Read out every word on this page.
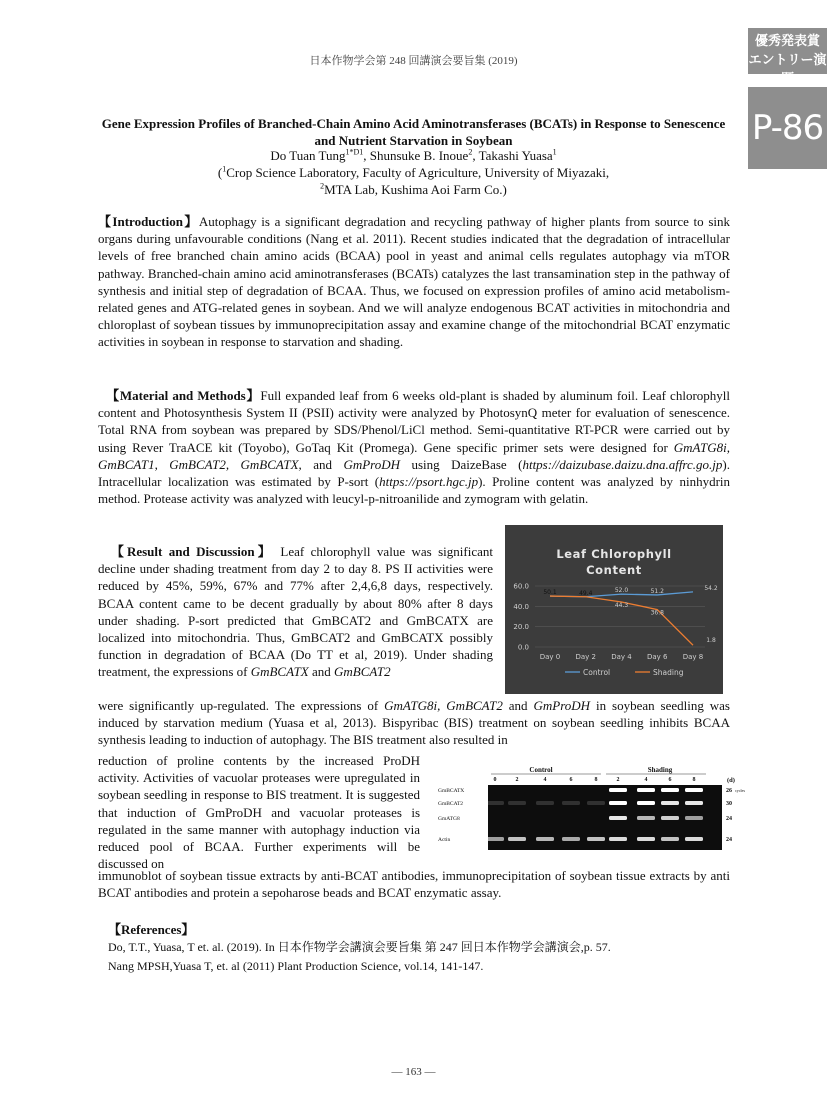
日本作物学会第 248 回講演会要旨集 (2019)
優秀発表賞
エントリー演題
P-86
Gene Expression Profiles of Branched-Chain Amino Acid Aminotransferases (BCATs) in Response to Senescence and Nutrient Starvation in Soybean
Do Tuan Tung$^{1*D1}$, Shunsuke B. Inoue$^2$, Takashi Yuasa$^1$
($^1$Crop Science Laboratory, Faculty of Agriculture, University of Miyazaki,
$^2$MTA Lab, Kushima Aoi Farm Co.)
【Introduction】Autophagy is a significant degradation and recycling pathway of higher plants from source to sink organs during unfavourable conditions (Nang et al. 2011). Recent studies indicated that the degradation of intracellular levels of free branched chain amino acids (BCAA) pool in yeast and animal cells regulates autophagy via mTOR pathway. Branched-chain amino acid aminotransferases (BCATs) catalyzes the last transamination step in the pathway of synthesis and initial step of degradation of BCAA. Thus, we focused on expression profiles of amino acid metabolism-related genes and ATG-related genes in soybean. And we will analyze endogenous BCAT activities in mitochondria and chloroplast of soybean tissues by immunoprecipitation assay and examine change of the mitochondrial BCAT enzymatic activities in soybean in response to starvation and shading.
【Material and Methods】Full expanded leaf from 6 weeks old-plant is shaded by aluminum foil. Leaf chlorophyll content and Photosynthesis System II (PSII) activity were analyzed by PhotosynQ meter for evaluation of senescence. Total RNA from soybean was prepared by SDS/Phenol/LiCl method. Semi-quantitative RT-PCR were carried out by using Rever TraACE kit (Toyobo), GoTaq Kit (Promega). Gene specific primer sets were designed for GmATG8i, GmBCAT1, GmBCAT2, GmBCATX, and GmProDH using DaizeBase (https://daizubase.daizu.dna.affrc.go.jp). Intracellular localization was estimated by P-sort (https://psort.hgc.jp). Proline content was analyzed by ninhydrin method. Protease activity was analyzed with leucyl-p-nitroanilide and zymogram with gelatin.
【Result and Discussion】 Leaf chlorophyll value was significant decline under shading treatment from day 2 to day 8. PS II activities were reduced by 45%, 59%, 67% and 77% after 2,4,6,8 days, respectively. BCAA content came to be decent gradually by about 80% after 8 days under shading. P-sort predicted that GmBCAT2 and GmBCATX are localized into mitochondria. Thus, GmBCAT2 and GmBCATX possibly function in degradation of BCAA (Do TT et al, 2019). Under shading treatment, the expressions of GmBCATX and GmBCAT2
Leaf Chlorophyll Content
60.0
40.0
20.0
0.0
Day 0 Day 2 Day 4 Day 6 Day 8
50.1	49.4	52.0
44.3
51.2
36.8
54.2
1.8
Control	Shading
were significantly up-regulated. The expressions of GmATG8i, GmBCAT2 and GmProDH in soybean seedling was induced by starvation medium (Yuasa et al, 2013). Bispyribac (BIS) treatment on soybean seedling inhibits BCAA synthesis leading to induction of autophagy. The BIS treatment also resulted in
reduction of proline contents by the increased ProDH activity. Activities of vacuolar proteases were upregulated in soybean seedling in response to BIS treatment. It is suggested that induction of GmProDH and vacuolar proteases is regulated in the same manner with autophagy induction via reduced pool of BCAA. Further experiments will be discussed on
Control	Shading
(d)
0	2	4	6	8	2	4	6	8
GmBCATX	26 cycles
GmBCAT2	30
GmATG8	24
Actin	24
immunoblot of soybean tissue extracts by anti-BCAT antibodies, immunoprecipitation of soybean tissue extracts by anti BCAT antibodies and protein a sepoharose beads and BCAT enzymatic assay.
【References】
Do, T.T., Yuasa, T et. al. (2019). In 日本作物学会講演会要旨集 第 247 回日本作物学会講演会,p. 57.
Nang MPSH,Yuasa T, et. al (2011) Plant Production Science, vol.14, 141-147.
― 163 ―
